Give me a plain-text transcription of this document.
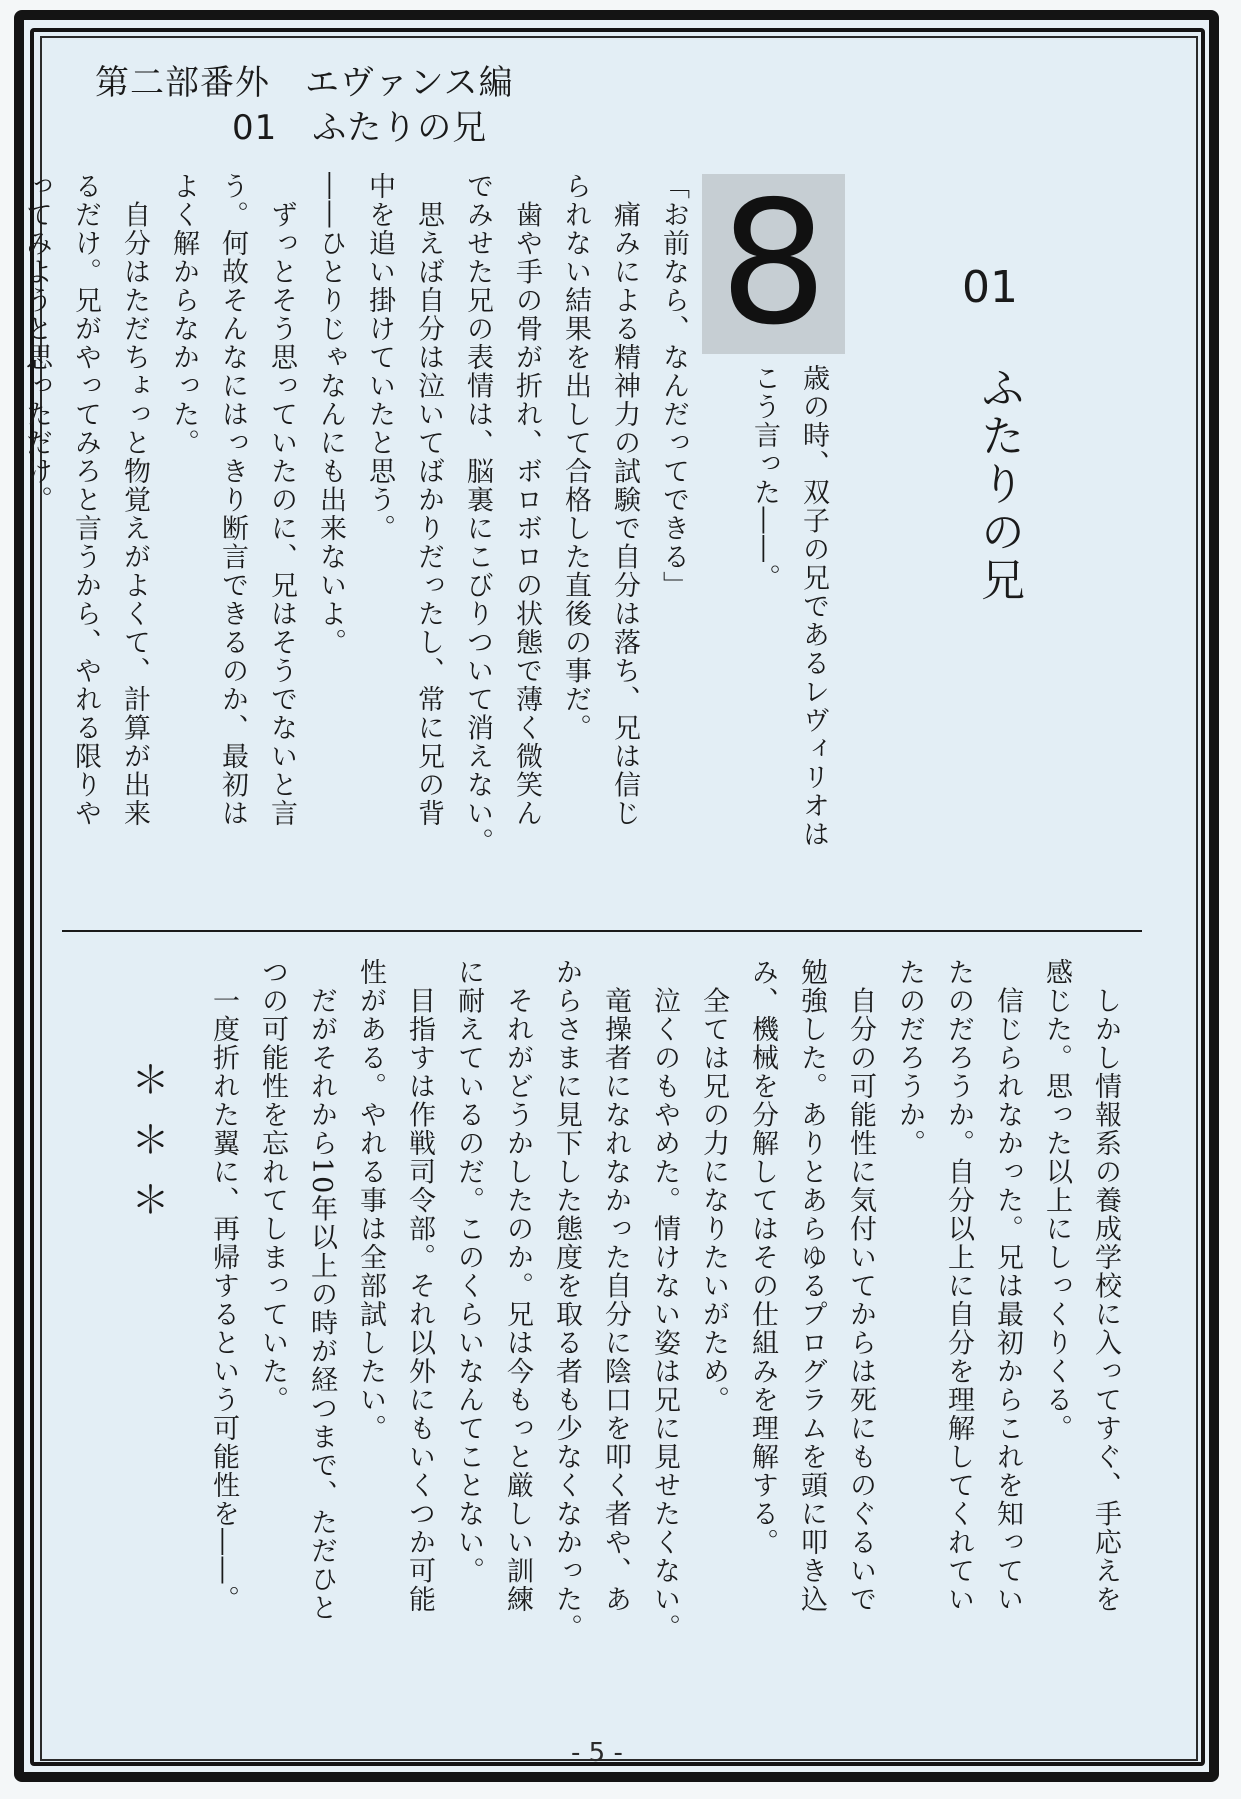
第二部番外　エヴァンス編
01　ふたりの兄
01
ふたりの兄
8
歳の時、双子の兄であるレヴィリオは
こう言った――。
「お前なら、なんだってできる」
　痛みによる精神力の試験で自分は落ち、兄は信じ
られない結果を出して合格した直後の事だ。
　歯や手の骨が折れ、ボロボロの状態で薄く微笑ん
でみせた兄の表情は、脳裏にこびりついて消えない。
　思えば自分は泣いてばかりだったし、常に兄の背
中を追い掛けていたと思う。
――ひとりじゃなんにも出来ないよ。
　ずっとそう思っていたのに、兄はそうでないと言
う。何故そんなにはっきり断言できるのか、最初は
よく解からなかった。
　自分はただちょっと物覚えがよくて、計算が出来
るだけ。兄がやってみろと言うから、やれる限りや
ってみようと思っただけ。
　しかし情報系の養成学校に入ってすぐ、手応えを
感じた。思った以上にしっくりくる。
　信じられなかった。兄は最初からこれを知ってい
たのだろうか。自分以上に自分を理解してくれてい
たのだろうか。
　自分の可能性に気付いてからは死にものぐるいで
勉強した。ありとあらゆるプログラムを頭に叩き込
み、機械を分解してはその仕組みを理解する。
　全ては兄の力になりたいがため。
　泣くのもやめた。情けない姿は兄に見せたくない。
　竜操者になれなかった自分に陰口を叩く者や、あ
からさまに見下した態度を取る者も少なくなかった。
　それがどうかしたのか。兄は今もっと厳しい訓練
に耐えているのだ。このくらいなんてことない。
　目指すは作戦司令部。それ以外にもいくつか可能
性がある。やれる事は全部試したい。
　だがそれから10年以上の時が経つまで、ただひと
つの可能性を忘れてしまっていた。
　一度折れた翼に、再帰するという可能性を――。
＊＊＊
- 5 -
